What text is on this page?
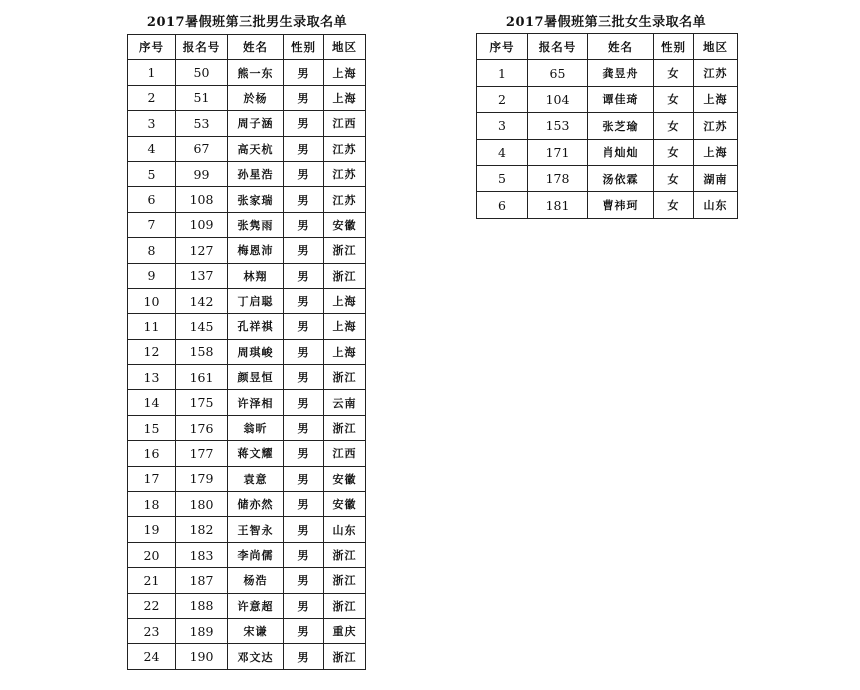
2017暑假班第三批男生录取名单
序号	报名号	姓名	性别	地区
1	50	熊一东	男	上海
2	51	於杨	男	上海
3	53	周子涵	男	江西
4	67	高天杭	男	江苏
5	99	孙星浩	男	江苏
6	108	张家瑞	男	江苏
7	109	张隽雨	男	安徽
8	127	梅恩沛	男	浙江
9	137	林翔	男	浙江
10	142	丁启聪	男	上海
11	145	孔祥祺	男	上海
12	158	周琪峻	男	上海
13	161	颜昱恒	男	浙江
14	175	许泽相	男	云南
15	176	翁昕	男	浙江
16	177	蒋文耀	男	江西
17	179	袁意	男	安徽
18	180	储亦然	男	安徽
19	182	王智永	男	山东
20	183	李尚儒	男	浙江
21	187	杨浩	男	浙江
22	188	许意超	男	浙江
23	189	宋谦	男	重庆
24	190	邓文达	男	浙江
2017暑假班第三批女生录取名单
序号	报名号	姓名	性别	地区
1	65	龚昱舟	女	江苏
2	104	谭佳琦	女	上海
3	153	张芝瑜	女	江苏
4	171	肖灿灿	女	上海
5	178	汤依霖	女	湖南
6	181	曹祎珂	女	山东
